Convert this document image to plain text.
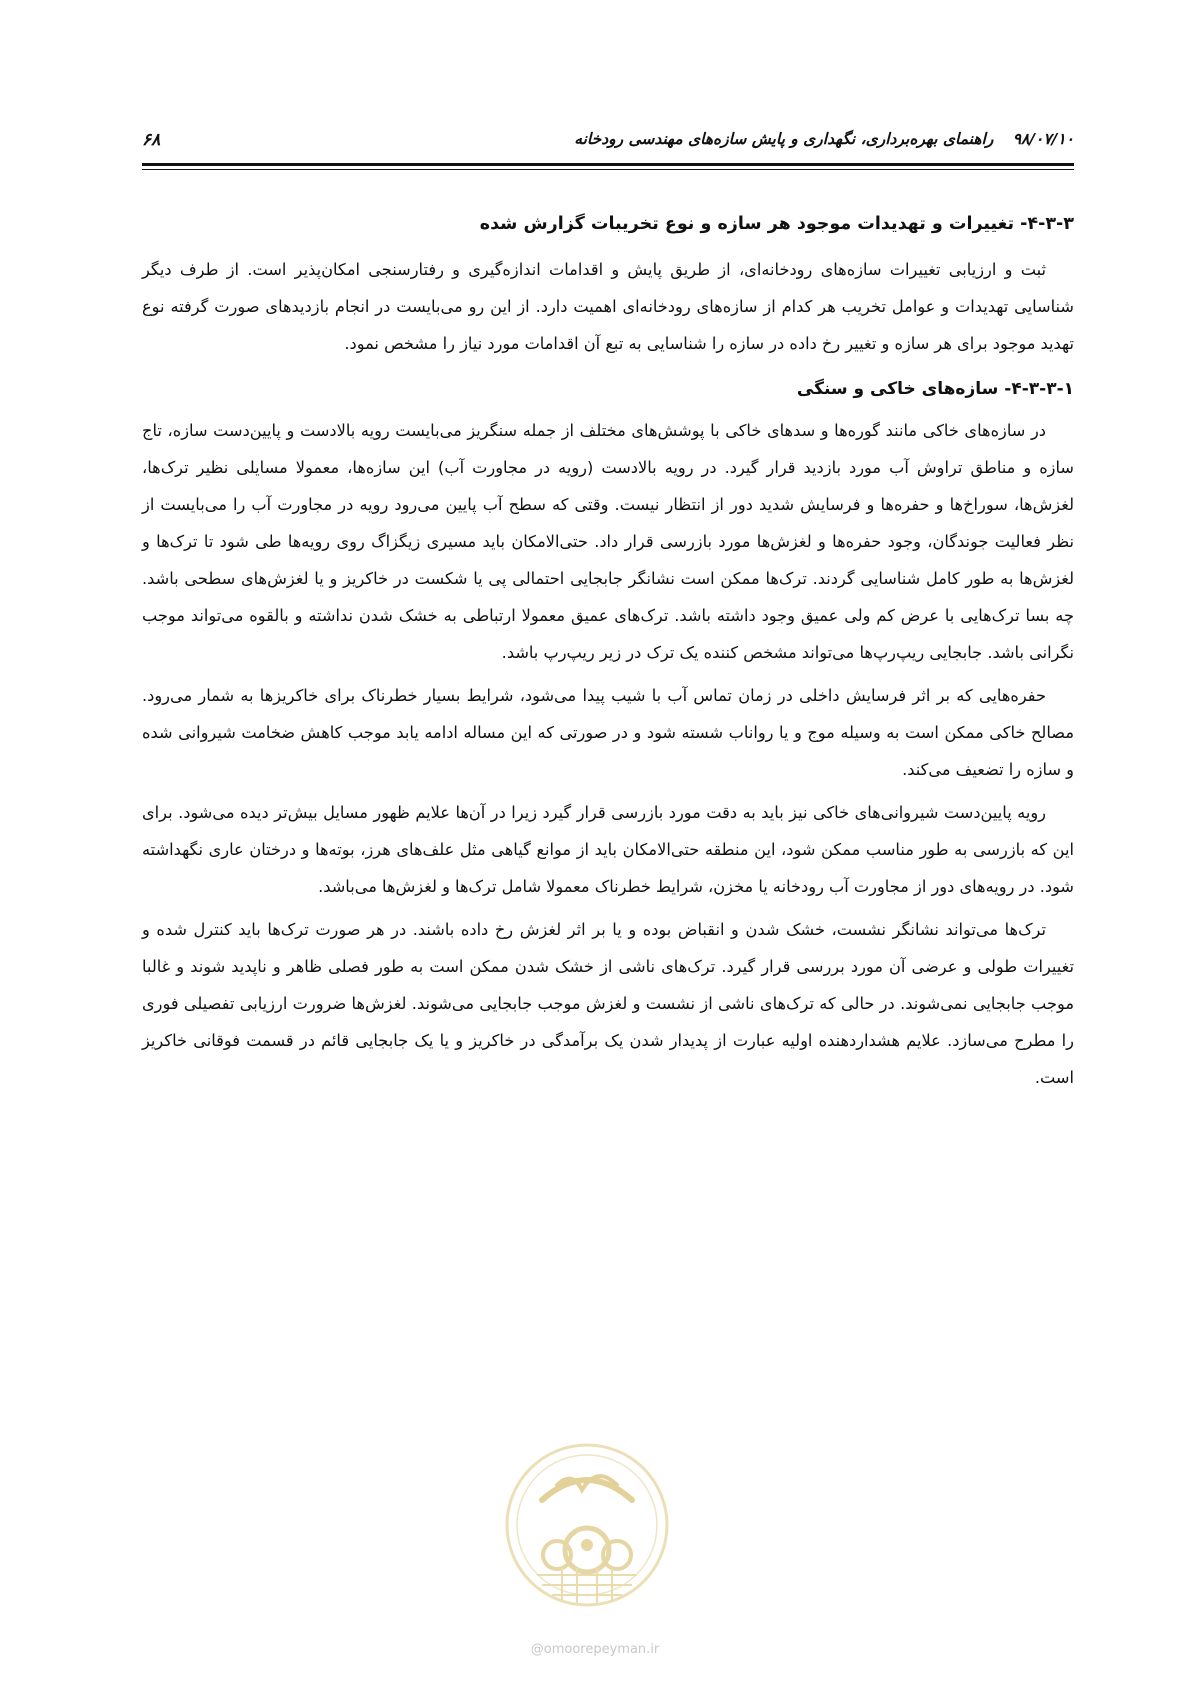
۹۸/۰۷/۱۰ راهنمای بهره‌برداری، نگهداری و پایش سازه‌های مهندسی رودخانه
۶۸
۴-۳-۳- تغییرات و تهدیدات موجود هر سازه و نوع تخریبات گزارش شده

ثبت و ارزیابی تغییرات سازه‌های رودخانه‌ای، از طریق پایش و اقدامات اندازه‌گیری و رفتارسنجی امکان‌پذیر است. از طرف دیگر شناسایی تهدیدات و عوامل تخریب هر کدام از سازه‌های رودخانه‌ای اهمیت دارد. از این رو می‌بایست در انجام بازدیدهای صورت گرفته نوع تهدید موجود برای هر سازه و تغییر رخ داده در سازه را شناسایی به تبع آن اقدامات مورد نیاز را مشخص نمود.

۴-۳-۳-۱- سازه‌های خاکی و سنگی

در سازه‌های خاکی مانند گوره‌ها و سدهای خاکی با پوشش‌های مختلف از جمله سنگریز می‌بایست رویه بالادست و پایین‌دست سازه، تاج سازه و مناطق تراوش آب مورد بازدید قرار گیرد. در رویه بالادست (رویه در مجاورت آب) این سازه‌ها، معمولا مسایلی نظیر ترک‌ها، لغزش‌ها، سوراخ‌ها و حفره‌ها و فرسایش شدید دور از انتظار نیست. وقتی که سطح آب پایین می‌رود رویه در مجاورت آب را می‌بایست از نظر فعالیت جوندگان، وجود حفره‌ها و لغزش‌ها مورد بازرسی قرار داد. حتی‌الامکان باید مسیری زیگزاگ روی رویه‌ها طی شود تا ترک‌ها و لغزش‌ها به طور کامل شناسایی گردند. ترک‌ها ممکن است نشانگر جابجایی احتمالی پی یا شکست در خاکریز و یا لغزش‌های سطحی باشد. چه بسا ترک‌هایی با عرض کم ولی عمیق وجود داشته باشد. ترک‌های عمیق معمولا ارتباطی به خشک شدن نداشته و بالقوه می‌تواند موجب نگرانی باشد. جابجایی ریپ‌رپ‌ها می‌تواند مشخص کننده یک ترک در زیر ریپ‌رپ باشد.

حفره‌هایی که بر اثر فرسایش داخلی در زمان تماس آب با شیب پیدا می‌شود، شرایط بسیار خطرناک برای خاکریزها به شمار می‌رود. مصالح خاکی ممکن است به وسیله موج و یا رواناب شسته شود و در صورتی که این مساله ادامه یابد موجب کاهش ضخامت شیروانی شده و سازه را تضعیف می‌کند.

رویه پایین‌دست شیروانی‌های خاکی نیز باید به دقت مورد بازرسی قرار گیرد زیرا در آن‌ها علایم ظهور مسایل بیش‌تر دیده می‌شود. برای این که بازرسی به طور مناسب ممکن شود، این منطقه حتی‌الامکان باید از موانع گیاهی مثل علف‌های هرز، بوته‌ها و درختان عاری نگهداشته شود. در رویه‌های دور از مجاورت آب رودخانه یا مخزن، شرایط خطرناک معمولا شامل ترک‌ها و لغزش‌ها می‌باشد.

ترک‌ها می‌تواند نشانگر نشست، خشک شدن و انقباض بوده و یا بر اثر لغزش رخ داده باشند. در هر صورت ترک‌ها باید کنترل شده و تغییرات طولی و عرضی آن مورد بررسی قرار گیرد. ترک‌های ناشی از خشک شدن ممکن است به طور فصلی ظاهر و ناپدید شوند و غالبا موجب جابجایی نمی‌شوند. در حالی که ترک‌های ناشی از نشست و لغزش موجب جابجایی می‌شوند. لغزش‌ها ضرورت ارزیابی تفصیلی فوری را مطرح می‌سازد. علایم هشداردهنده اولیه عبارت از پدیدار شدن یک برآمدگی در خاکریز و یا یک جابجایی قائم در قسمت فوقانی خاکریز است.

@omoorepeyman.ir
